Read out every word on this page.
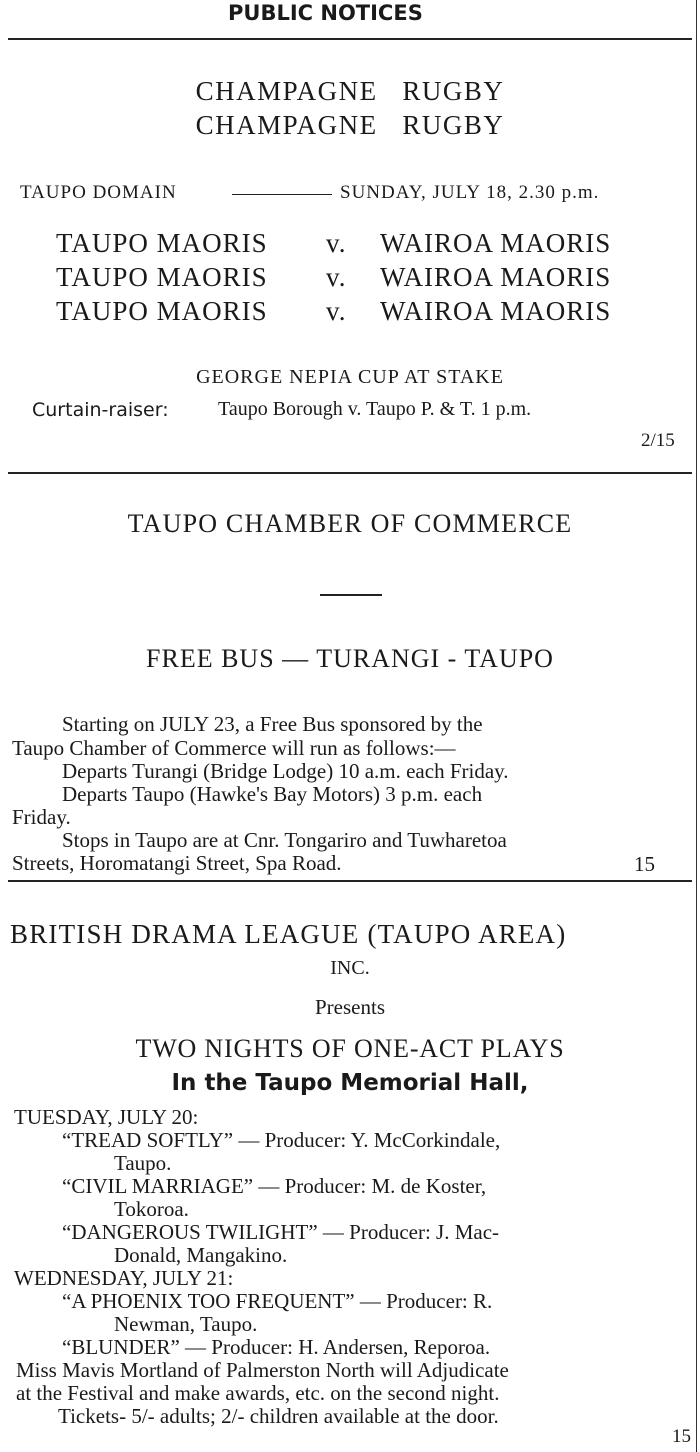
PUBLIC NOTICES
CHAMPAGNE   RUGBY
CHAMPAGNE   RUGBY
TAUPO DOMAIN	SUNDAY, JULY 18, 2.30 p.m.
TAUPO MAORIS v. WAIROA MAORIS
TAUPO MAORIS v. WAIROA MAORIS
TAUPO MAORIS v. WAIROA MAORIS
GEORGE NEPIA CUP AT STAKE
Curtain-raiser: Taupo Borough v. Taupo P. & T. 1 p.m.
2/15
TAUPO CHAMBER OF COMMERCE
FREE BUS — TURANGI - TAUPO
Starting on JULY 23, a Free Bus sponsored by the
Taupo Chamber of Commerce will run as follows:—
Departs Turangi (Bridge Lodge) 10 a.m. each Friday.
Departs Taupo (Hawke's Bay Motors) 3 p.m. each
Friday.
Stops in Taupo are at Cnr. Tongariro and Tuwharetoa
Streets, Horomatangi Street, Spa Road.	15
BRITISH DRAMA LEAGUE (TAUPO AREA)
INC.
Presents
TWO NIGHTS OF ONE-ACT PLAYS
In the Taupo Memorial Hall,
TUESDAY, JULY 20:
“TREAD SOFTLY” — Producer: Y. McCorkindale,
Taupo.
“CIVIL MARRIAGE” — Producer: M. de Koster,
Tokoroa.
“DANGEROUS TWILIGHT” — Producer: J. Mac-
Donald, Mangakino.
WEDNESDAY, JULY 21:
“A PHOENIX TOO FREQUENT” — Producer: R.
Newman, Taupo.
“BLUNDER” — Producer: H. Andersen, Reporoa.
Miss Mavis Mortland of Palmerston North will Adjudicate
at the Festival and make awards, etc. on the second night.
Tickets- 5/- adults; 2/- children available at the door.
15
